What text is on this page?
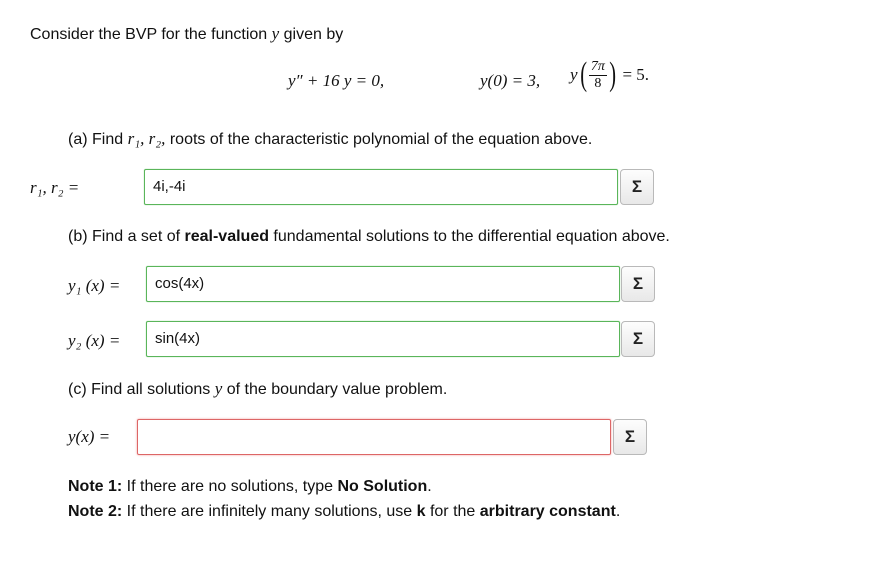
Consider the BVP for the function y given by
y″ + 16 y = 0,	y(0) = 3, $y( \frac{7\pi}{8}$ ) = 5.
(a) Find r₁, r₂, roots of the characteristic polynomial of the equation above.
r₁, r₂ =	4i,-4i	Σ
(b) Find a set of real-valued fundamental solutions to the differential equation above.
y₁ (x) =	cos(4x)	Σ
y₂ (x) =	sin(4x)	Σ
(c) Find all solutions y of the boundary value problem.
y(x) =	Σ
Note 1: If there are no solutions, type No Solution.
Note 2: If there are infinitely many solutions, use k for the arbitrary constant.
